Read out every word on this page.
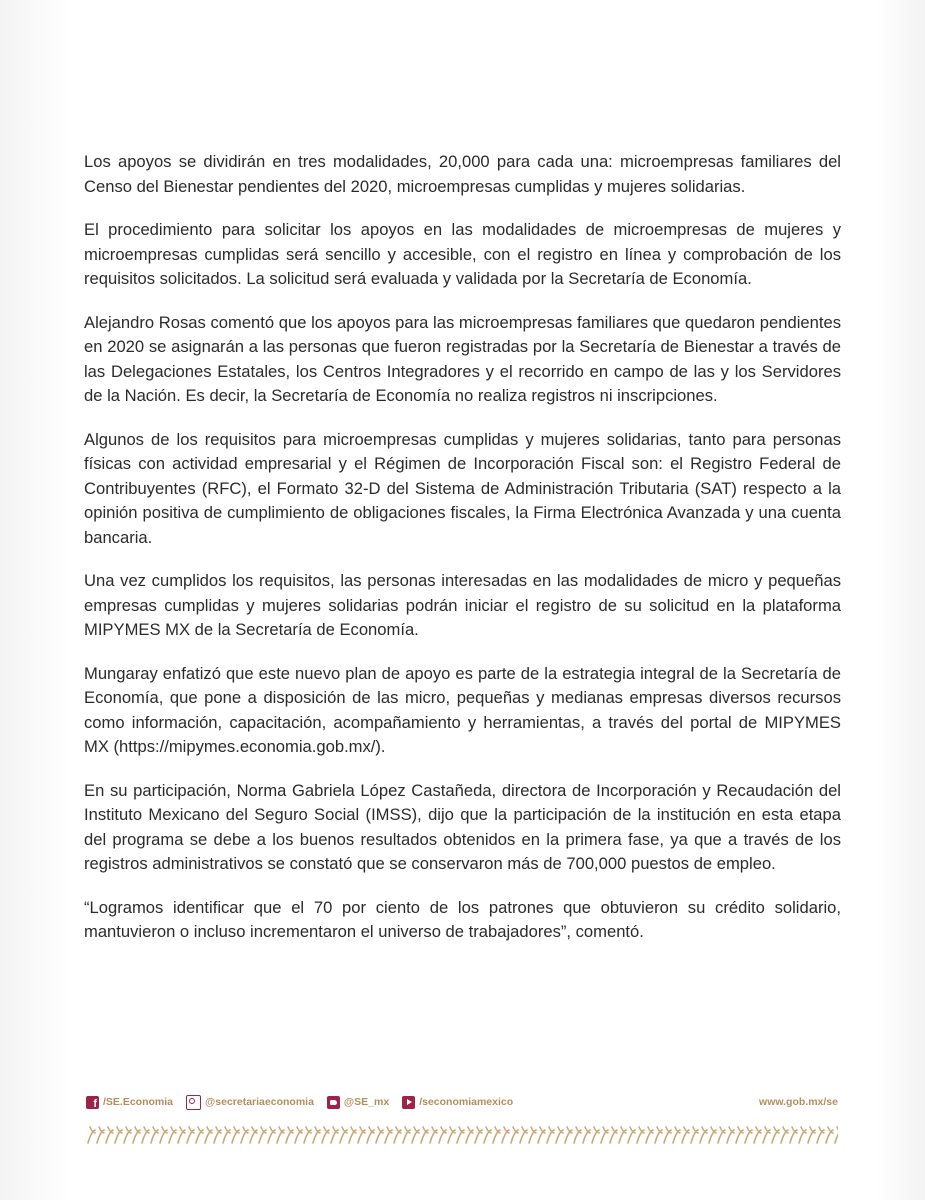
Los apoyos se dividirán en tres modalidades, 20,000 para cada una: microempresas familiares del Censo del Bienestar pendientes del 2020, microempresas cumplidas y mujeres solidarias.

El procedimiento para solicitar los apoyos en las modalidades de microempresas de mujeres y microempresas cumplidas será sencillo y accesible, con el registro en línea y comprobación de los requisitos solicitados. La solicitud será evaluada y validada por la Secretaría de Economía.

Alejandro Rosas comentó que los apoyos para las microempresas familiares que quedaron pendientes en 2020 se asignarán a las personas que fueron registradas por la Secretaría de Bienestar a través de las Delegaciones Estatales, los Centros Integradores y el recorrido en campo de las y los Servidores de la Nación. Es decir, la Secretaría de Economía no realiza registros ni inscripciones.

Algunos de los requisitos para microempresas cumplidas y mujeres solidarias, tanto para personas físicas con actividad empresarial y el Régimen de Incorporación Fiscal son: el Registro Federal de Contribuyentes (RFC), el Formato 32-D del Sistema de Administración Tributaria (SAT) respecto a la opinión positiva de cumplimiento de obligaciones fiscales, la Firma Electrónica Avanzada y una cuenta bancaria.

Una vez cumplidos los requisitos, las personas interesadas en las modalidades de micro y pequeñas empresas cumplidas y mujeres solidarias podrán iniciar el registro de su solicitud en la plataforma MIPYMES MX de la Secretaría de Economía.

Mungaray enfatizó que este nuevo plan de apoyo es parte de la estrategia integral de la Secretaría de Economía, que pone a disposición de las micro, pequeñas y medianas empresas diversos recursos como información, capacitación, acompañamiento y herramientas, a través del portal de MIPYMES MX (https://mipymes.economia.gob.mx/).

En su participación, Norma Gabriela López Castañeda, directora de Incorporación y Recaudación del Instituto Mexicano del Seguro Social (IMSS), dijo que la participación de la institución en esta etapa del programa se debe a los buenos resultados obtenidos en la primera fase, ya que a través de los registros administrativos se constató que se conservaron más de 700,000 puestos de empleo.

“Logramos identificar que el 70 por ciento de los patrones que obtuvieron su crédito solidario, mantuvieron o incluso incrementaron el universo de trabajadores”, comentó.

f
/SE.Economia	@secretariaeconomia	@SE_mx	/seconomiamexico	www.gob.mx/se
